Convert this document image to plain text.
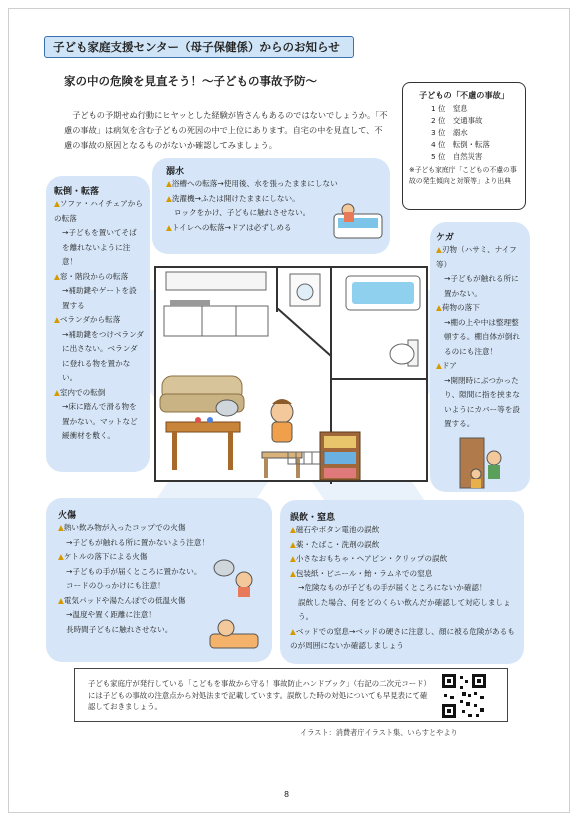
子ども家庭支援センター（母子保健係）からのお知らせ
家の中の危険を見直そう！～子どもの事故予防～
子どもの予期せぬ行動にヒヤッとした経験が皆さんもあるのではないでしょうか。「不慮の事故」は病気を含む子どもの死因の中で上位にあります。自宅の中を見直して、不慮の事故の原因となるものがないか確認してみましょう。
子どもの「不慮の事故」
1 位　窒息
2 位　交通事故
3 位　溺水
4 位　転倒・転落
5 位　自然災害
※子ども家庭庁「こどもの不慮の事故の発生傾向と対策等」より出典
転倒・転落
▲ソファ・ハイチェアからの転落
→子どもを置いてそばを離れないように注意！
▲窓・階段からの転落
→補助鍵やゲートを設置する
▲ベランダから転落
→補助鍵をつけベランダに出さない。ベランダに登れる物を置かない。
▲室内での転倒
→床に踏んで滑る物を置かない。マットなど緩衝材を敷く。
溺水
▲浴槽への転落→使用後、水を張ったままにしない
▲洗濯機→ふたは開けたままにしない。
ロックをかけ、子どもに触れさせない。
▲トイレへの転落→ドアは必ずしめる
ケガ
▲刃物（ハサミ、ナイフ等）
→子どもが触れる所に置かない。
▲荷物の落下
→棚の上や中は整理整頓する。棚自体が倒れるのにも注意！
▲ドア
→開閉時にぶつかったり、隙間に指を挟まないようにカバー等を設置する。
火傷
▲熱い飲み物が入ったコップでの火傷
→子どもが触れる所に置かないよう注意！
▲ケトルの落下による火傷
→子どもの手が届くところに置かない。
コードのひっかけにも注意！
▲電気パッドや湯たんぽでの低温火傷
→温度や置く距離に注意！
長時間子どもに触れさせない。
誤飲・窒息
▲磁石やボタン電池の誤飲
▲薬・たばこ・洗剤の誤飲
▲小さなおもちゃ・ヘアピン・クリップの誤飲
▲包装紙・ビニール・飴・ラムネでの窒息
→危険なものが子どもの手が届くところにないか確認！
誤飲した場合、何をどのくらい飲んだか確認して対応しましょう。
▲ベッドでの窒息→ベッドの硬さに注意し、顔に被る危険があるものが周囲にないか確認しましょう
子ども家庭庁が発行している「こどもを事故から守る！事故防止ハンドブック」（右記の二次元コード）には子どもの事故の注意点から対処法まで記載しています。誤飲した時の対処についても早見表にて確認しておきましょう。
イラスト：消費者庁イラスト集、いらすとやより
8
